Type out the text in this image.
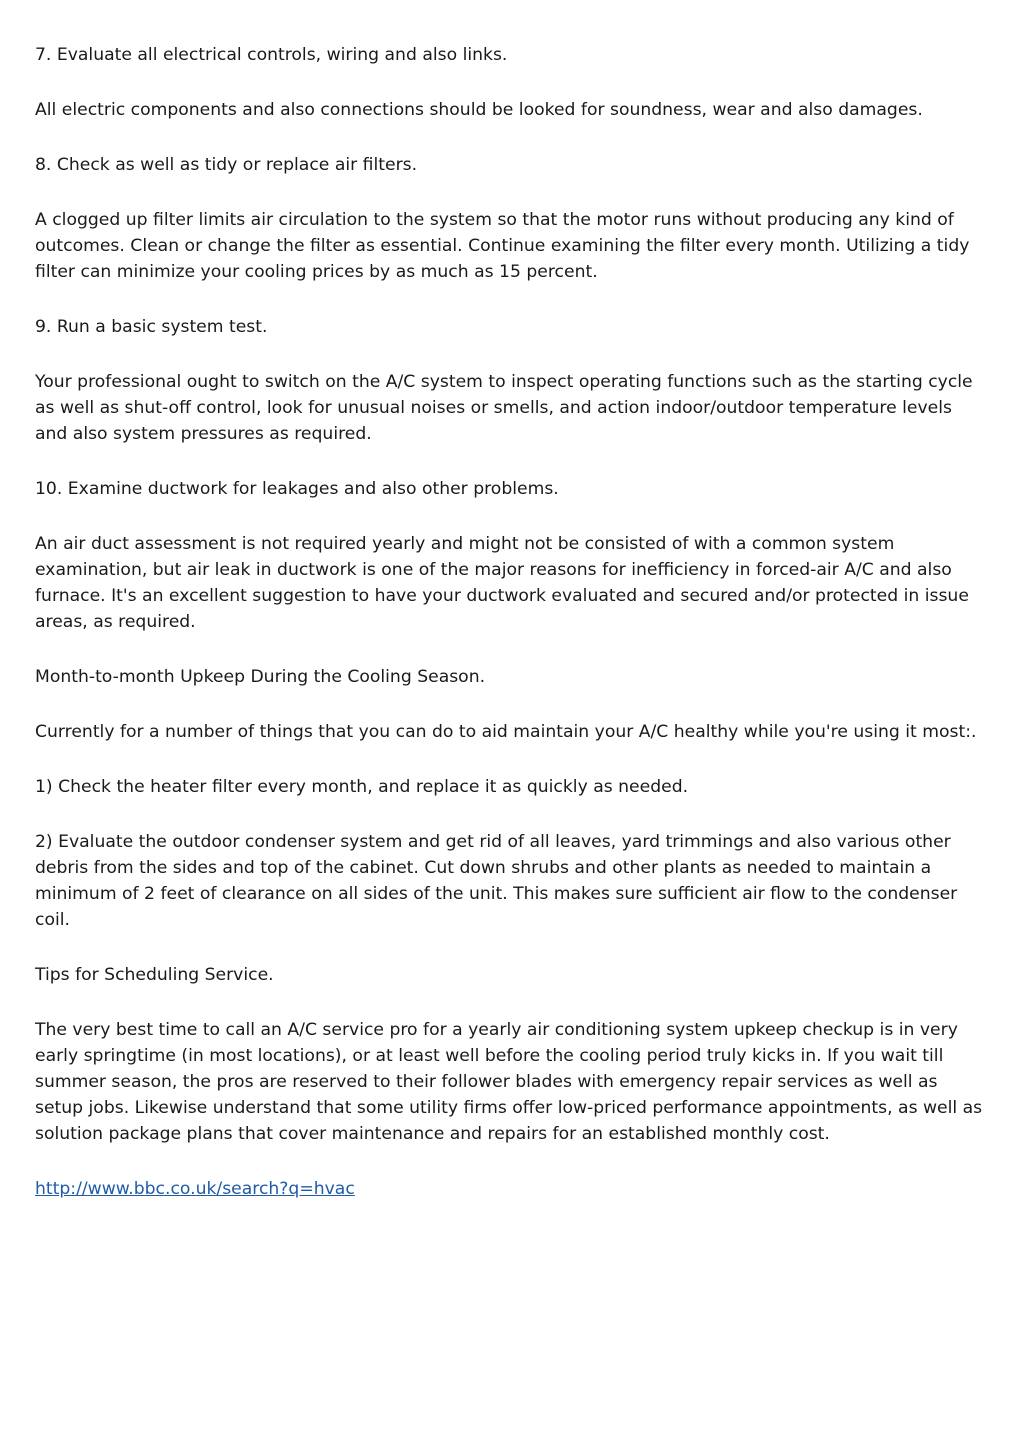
7. Evaluate all electrical controls, wiring and also links.

All electric components and also connections should be looked for soundness, wear and also damages.

8. Check as well as tidy or replace air filters.

A clogged up filter limits air circulation to the system so that the motor runs without producing any kind of outcomes. Clean or change the filter as essential. Continue examining the filter every month. Utilizing a tidy filter can minimize your cooling prices by as much as 15 percent.

9. Run a basic system test.

Your professional ought to switch on the A/C system to inspect operating functions such as the starting cycle as well as shut-off control, look for unusual noises or smells, and action indoor/outdoor temperature levels and also system pressures as required.

10. Examine ductwork for leakages and also other problems.

An air duct assessment is not required yearly and might not be consisted of with a common system examination, but air leak in ductwork is one of the major reasons for inefficiency in forced-air A/C and also furnace. It's an excellent suggestion to have your ductwork evaluated and secured and/or protected in issue areas, as required.

Month-to-month Upkeep During the Cooling Season.

Currently for a number of things that you can do to aid maintain your A/C healthy while you're using it most:.

1) Check the heater filter every month, and replace it as quickly as needed.

2) Evaluate the outdoor condenser system and get rid of all leaves, yard trimmings and also various other debris from the sides and top of the cabinet. Cut down shrubs and other plants as needed to maintain a minimum of 2 feet of clearance on all sides of the unit. This makes sure sufficient air flow to the condenser coil.

Tips for Scheduling Service.

The very best time to call an A/C service pro for a yearly air conditioning system upkeep checkup is in very early springtime (in most locations), or at least well before the cooling period truly kicks in. If you wait till summer season, the pros are reserved to their follower blades with emergency repair services as well as setup jobs. Likewise understand that some utility firms offer low-priced performance appointments, as well as solution package plans that cover maintenance and repairs for an established monthly cost.

http://www.bbc.co.uk/search?q=hvac
